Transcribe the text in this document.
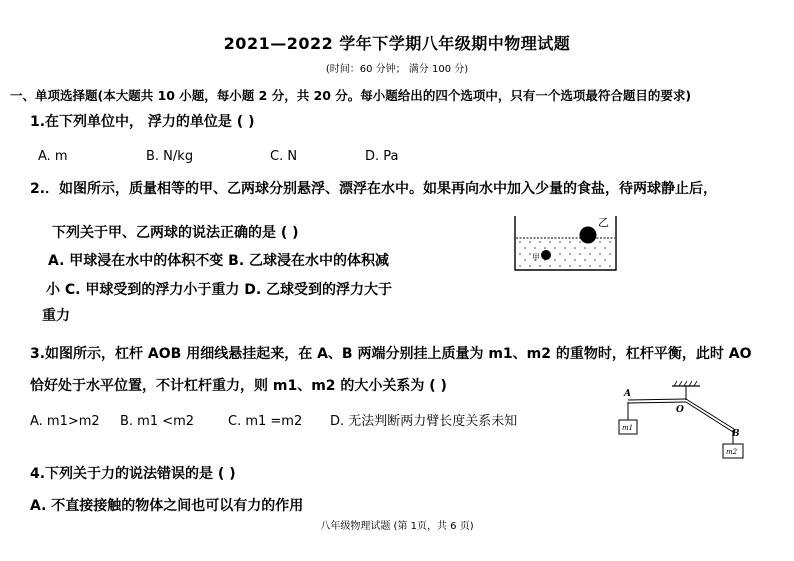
2021—2022 学年下学期八年级期中物理试题
(时间：60 分钟； 满分 100 分)
一、单项选择题(本大题共 10 小题，每小题 2 分，共 20 分。每小题给出的四个选项中，只有一个选项最符合题目的要求)
1.在下列单位中， 浮力的单位是 ( )
A. m	B. N/kg	C. N	D. Pa
2.．如图所示，质量相等的甲、乙两球分别悬浮、漂浮在水中。如果再向水中加入少量的食盐，待两球静止后，
下列关于甲、乙两球的说法正确的是 ( )
A. 甲球浸在水中的体积不变 B. 乙球浸在水中的体积减
小 C. 甲球受到的浮力小于重力 D. 乙球受到的浮力大于
重力
乙
甲
3.如图所示，杠杆 AOB 用细线悬挂起来，在 A、B 两端分别挂上质量为 m1、m2 的重物时，杠杆平衡，此时 AO
恰好处于水平位置，不计杠杆重力，则 m1、m2 的大小关系为 ( )
A. m1>m2 B. m1 <m2	C. m1 =m2 D. 无法判断两力臂长度关系未知
A
O
B
m1
m2
4.下列关于力的说法错误的是 ( )
A. 不直接接触的物体之间也可以有力的作用
八年级物理试题 (第 1页，共 6 页)
